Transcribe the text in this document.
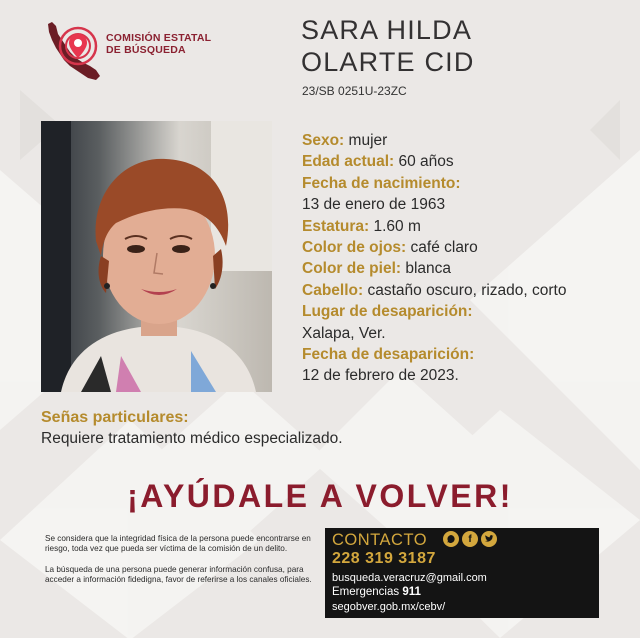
COMISIÓN ESTATAL
DE BÚSQUEDA
SARA HILDA
OLARTE CID
23/SB 0251U-23ZC
Sexo: mujer
Edad actual: 60 años
Fecha de nacimiento:
13 de enero de 1963
Estatura: 1.60 m
Color de ojos: café claro
Color de piel: blanca
Cabello: castaño oscuro, rizado, corto
Lugar de desaparición:
Xalapa, Ver.
Fecha de desaparición:
12 de febrero de 2023.
Señas particulares:
Requiere tratamiento médico especializado.
¡AYÚDALE A VOLVER!

Se considera que la integridad física de la persona puede encontrarse en riesgo, toda vez que pueda ser víctima de la comisión de un delito.

La búsqueda de una persona puede generar información confusa, para acceder a información fidedigna, favor de referirse a los canales oficiales.

CONTACTO	f
228 319 3187
busqueda.veracruz@gmail.com
Emergencias 911
segobver.gob.mx/cebv/
